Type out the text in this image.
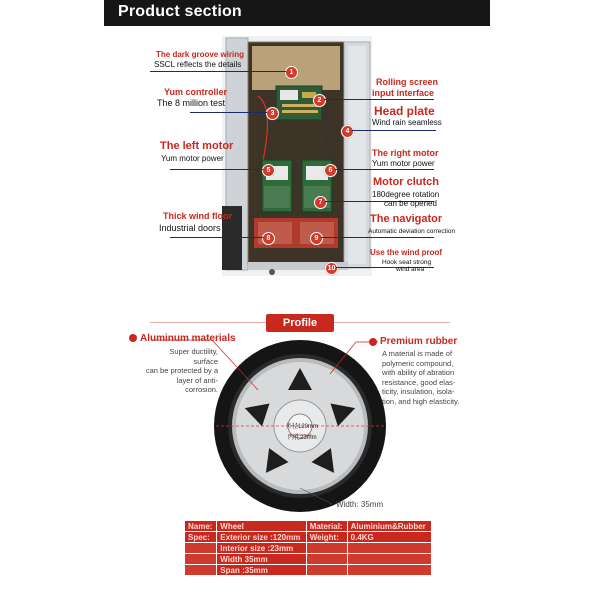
Product section
1
2
3
4
5	6
7
8	9
10
The dark groove wiring
SSCL reflects the details
Yum controller
The 8 million test
The left motor
Yum motor power
Thick wind floor
Industrial doors
Rolling screen
input interface
Head plate
Wind rain seamless
The right motor
Yum motor power
Motor clutch
180degree rotation
can be opened
The navigator
Automatic deviation correction
Use the wind proof
Hook seat strong
wind area
Profile
外径120mm
内孔23mm
Width: 35mm
Aluminum materials
Super ductility, surface
can be protected by a
layer of anti-corrosion.
Premium rubber
A material is made of
polymeric compound,
with ability of abration
resistance, good elas-
ticity, insulation, isola-
tion, and high elasticity.
Name:	Wheel	Material:	Aluminium&Rubber
Spec:	Exterior size :120mm	Weight:	0.4KG
	Interior size :23mm		
	Width 35mm		
	Span :35mm		
